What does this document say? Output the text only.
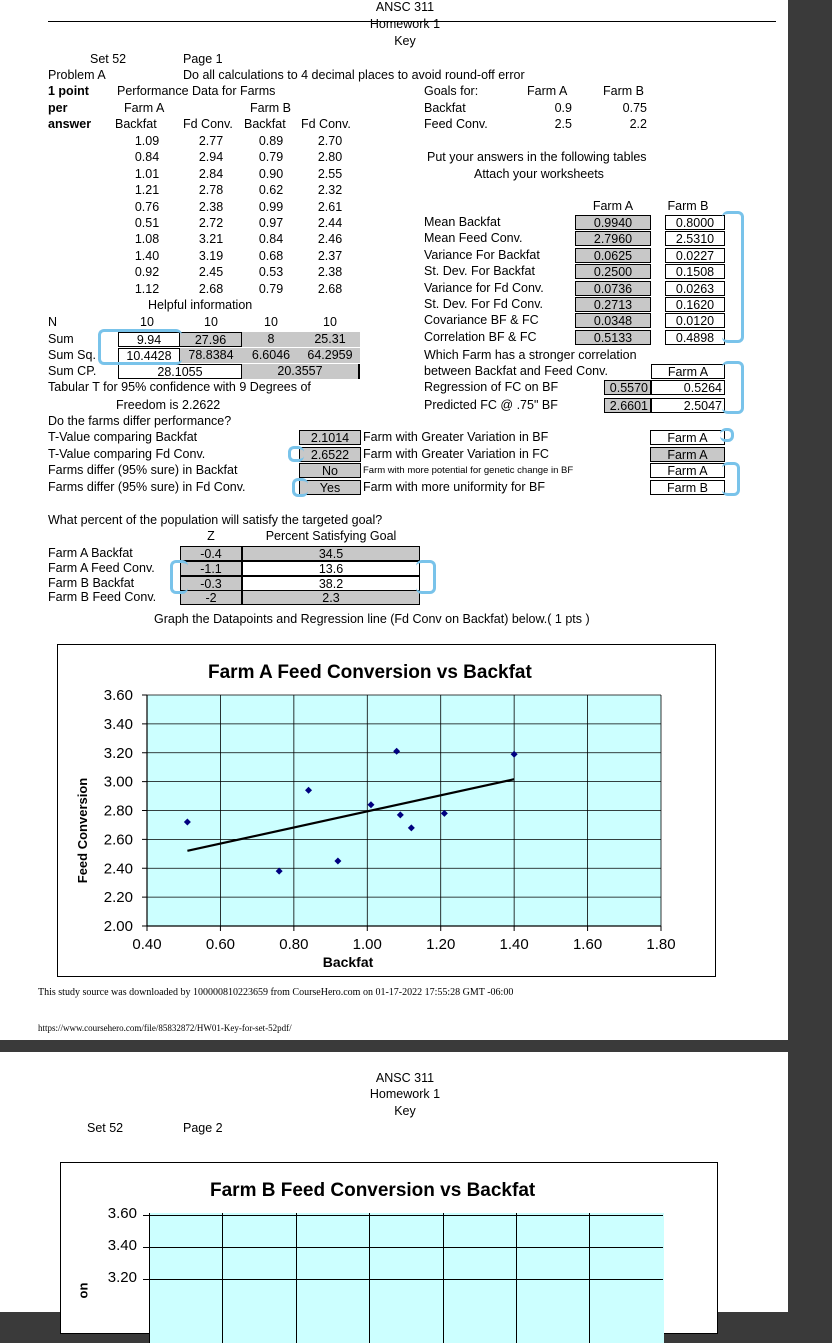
ANSC 311
Homework 1
Key
Set 52	Page 1
Problem A	Do all calculations to 4 decimal places to avoid round-off error
1 point
per
answer
Performance Data for Farms
Farm A	Farm B
Goals for:	Farm A	Farm B
Backfat	0.9	0.75
Feed Conv.	2.5	2.2
Backfat Fd Conv. Backfat Fd Conv.
1.09	2.77	0.89	2.70
0.84	2.94	0.79	2.80
1.01	2.84	0.90	2.55
1.21	2.78	0.62	2.32
0.76	2.38	0.99	2.61
0.51	2.72	0.97	2.44
1.08	3.21	0.84	2.46
1.40	3.19	0.68	2.37
0.92	2.45	0.53	2.38
1.12	2.68	0.79	2.68
Helpful information
N	10	10	10	10
Sum	9.94	27.96	8	25.31
Sum Sq.	10.4428	78.8384	6.6046	64.2959
Sum CP.	28.1055	20.3557
Tabular T for 95% confidence with 9 Degrees of
Freedom is 2.2622
Put your answers in the following tables
Attach your worksheets
Farm A	Farm B
Mean Backfat	0.9940	0.8000
Mean Feed Conv.	2.7960	2.5310
Variance For Backfat	0.0625	0.0227
St. Dev. For Backfat	0.2500	0.1508
Variance for Fd Conv.	0.0736	0.0263
St. Dev. For Fd Conv.	0.2713	0.1620
Covariance BF & FC	0.0348	0.0120
Correlation BF & FC	0.5133	0.4898
Which Farm has a stronger correlation
between Backfat and Feed Conv.	Farm A
Regression of FC on BF	0.5570	0.5264
Predicted FC @ .75" BF	2.6601	2.5047
Do the farms differ performance?
T-Value comparing Backfat	2.1014
T-Value comparing Fd Conv.	2.6522
Farms differ (95% sure) in Backfat	No
Farms differ (95% sure) in Fd Conv.	Yes
Farm with Greater Variation in BF	Farm A
Farm with Greater Variation in FC	Farm A
Farm with more potential for genetic change in BF	Farm A
Farm with more uniformity for BF	Farm B
What percent of the population will satisfy the targeted goal?
Z	Percent Satisfying Goal
Farm A Backfat	-0.4	34.5
Farm A Feed Conv.	-1.1	13.6
Farm B Backfat	-0.3	38.2
Farm B Feed Conv.	-2	2.3
Graph the Datapoints and Regression line (Fd Conv on Backfat) below.( 1 pts )
Farm A Feed Conversion vs Backfat
0.40	0.60	0.80	1.00	1.20	1.40	1.60	1.80
2.00
2.20
2.40
2.60
2.80
3.00
3.20
3.40
3.60
Backfat
Feed Conversion
This study source was downloaded by 100000810223659 from CourseHero.com on 01-17-2022 17:55:28 GMT -06:00
https://www.coursehero.com/file/85832872/HW01-Key-for-set-52pdf/
ANSC 311
Homework 1
Key
Set 52	Page 2
Farm B Feed Conversion vs Backfat
3.60
3.40
3.20
on
